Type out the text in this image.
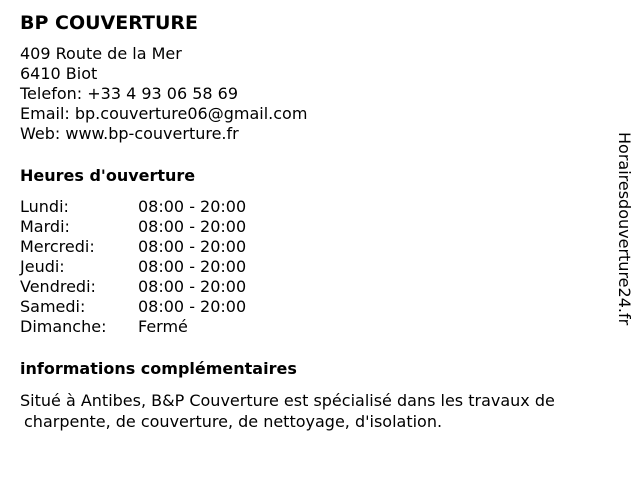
BP COUVERTURE
409 Route de la Mer
6410 Biot
Telefon: +33 4 93 06 58 69
Email: bp.couverture06@gmail.com
Web: www.bp-couverture.fr
Heures d'ouverture
Lundi:	08:00 - 20:00
Mardi:	08:00 - 20:00
Mercredi:	08:00 - 20:00
Jeudi:	08:00 - 20:00
Vendredi:	08:00 - 20:00
Samedi:	08:00 - 20:00
Dimanche:	Fermé
informations complémentaires
Situé à Antibes, B&P Couverture est spécialisé dans les travaux de
charpente, de couverture, de nettoyage, d'isolation.
Horairesdouverture24.fr
